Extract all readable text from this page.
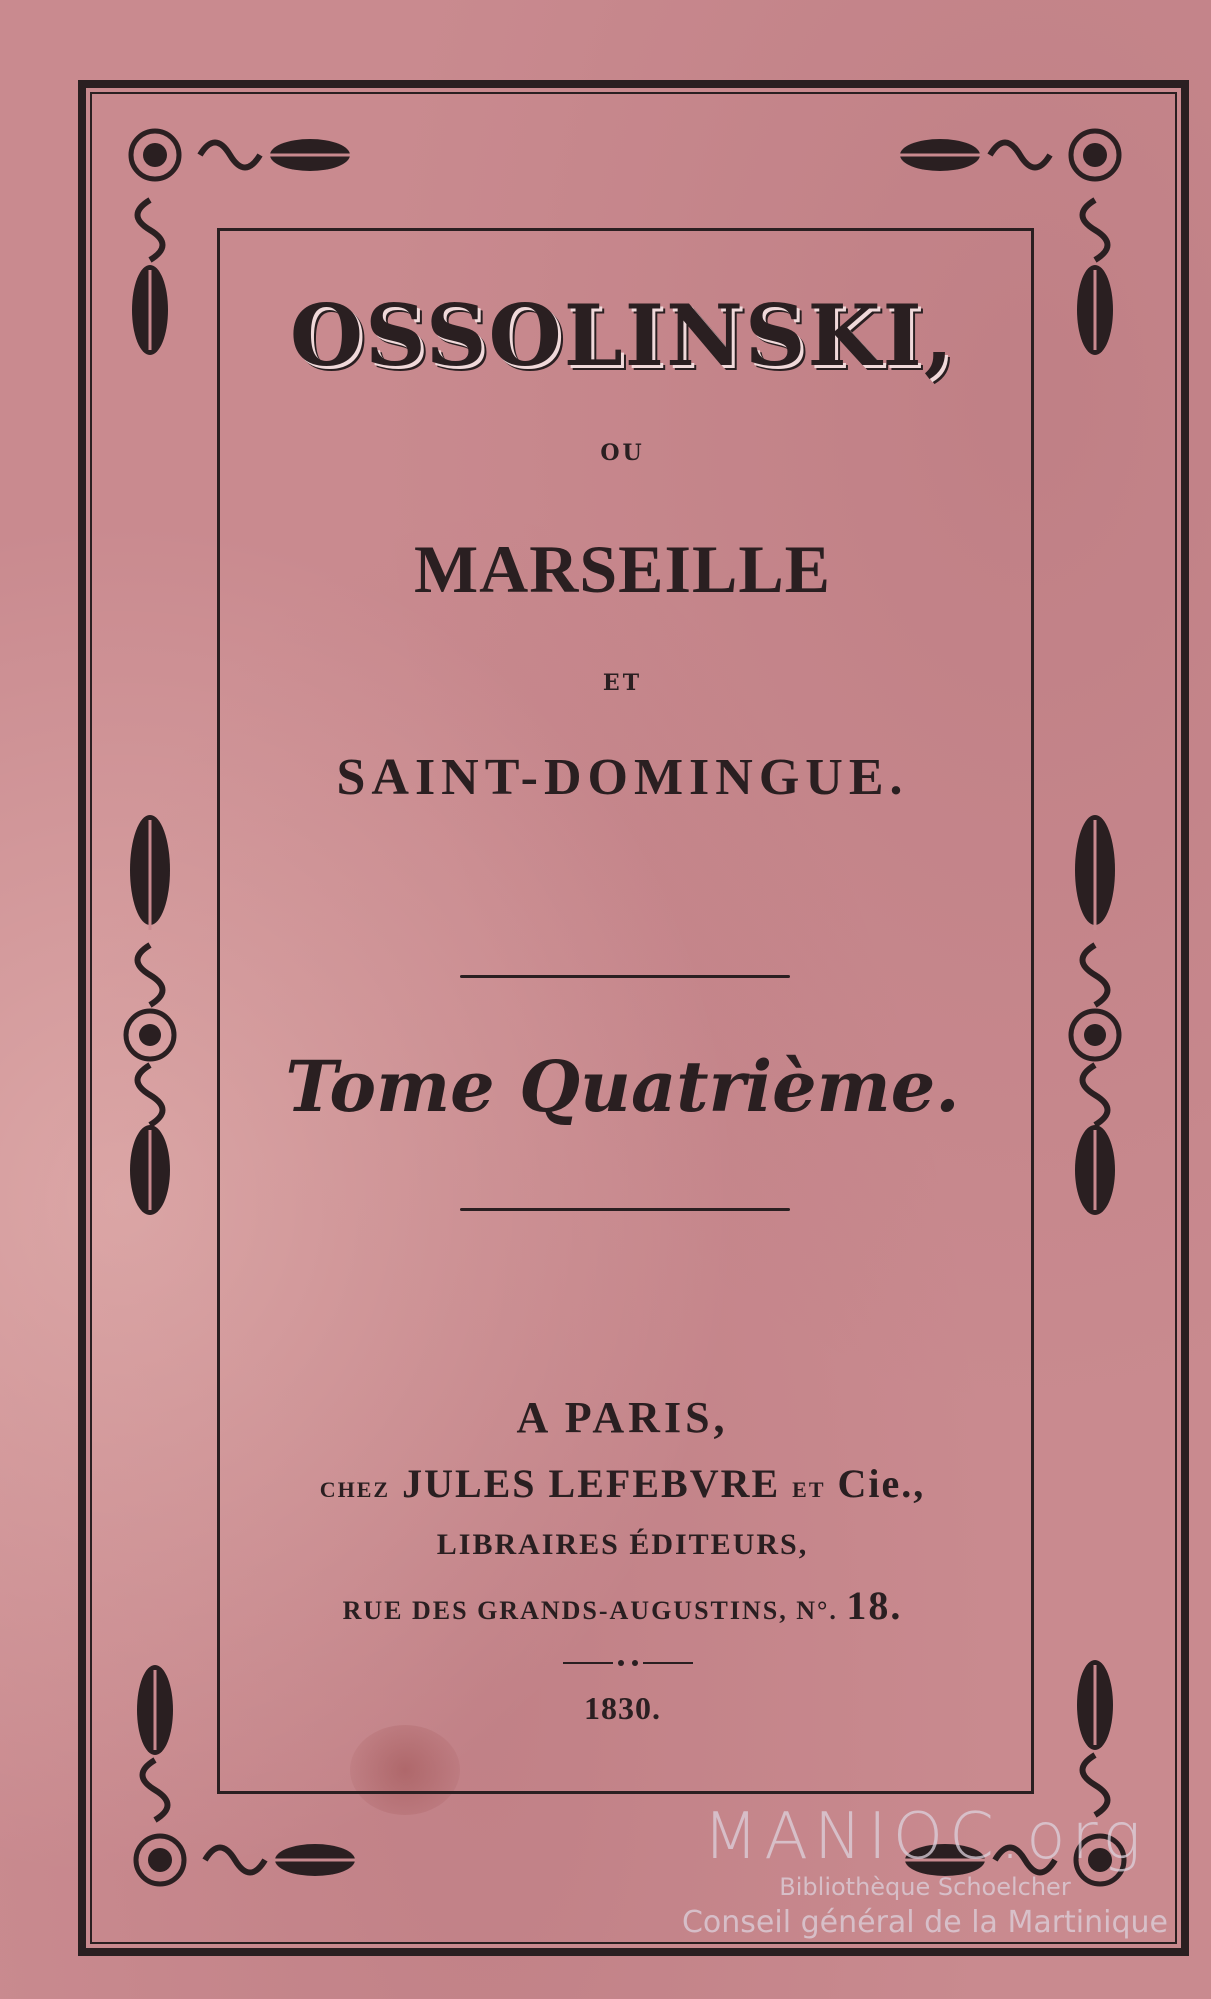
OSSOLINSKI,
OU
MARSEILLE
ET
SAINT-DOMINGUE.
Tome Quatrième.
A PARIS,
CHEZ JULES LEFEBVRE ET Cie.,
LIBRAIRES ÉDITEURS,
RUE DES GRANDS-AUGUSTINS, N°. 18.
1830.
MANIOC.org
Bibliothèque Schoelcher
Conseil général de la Martinique
